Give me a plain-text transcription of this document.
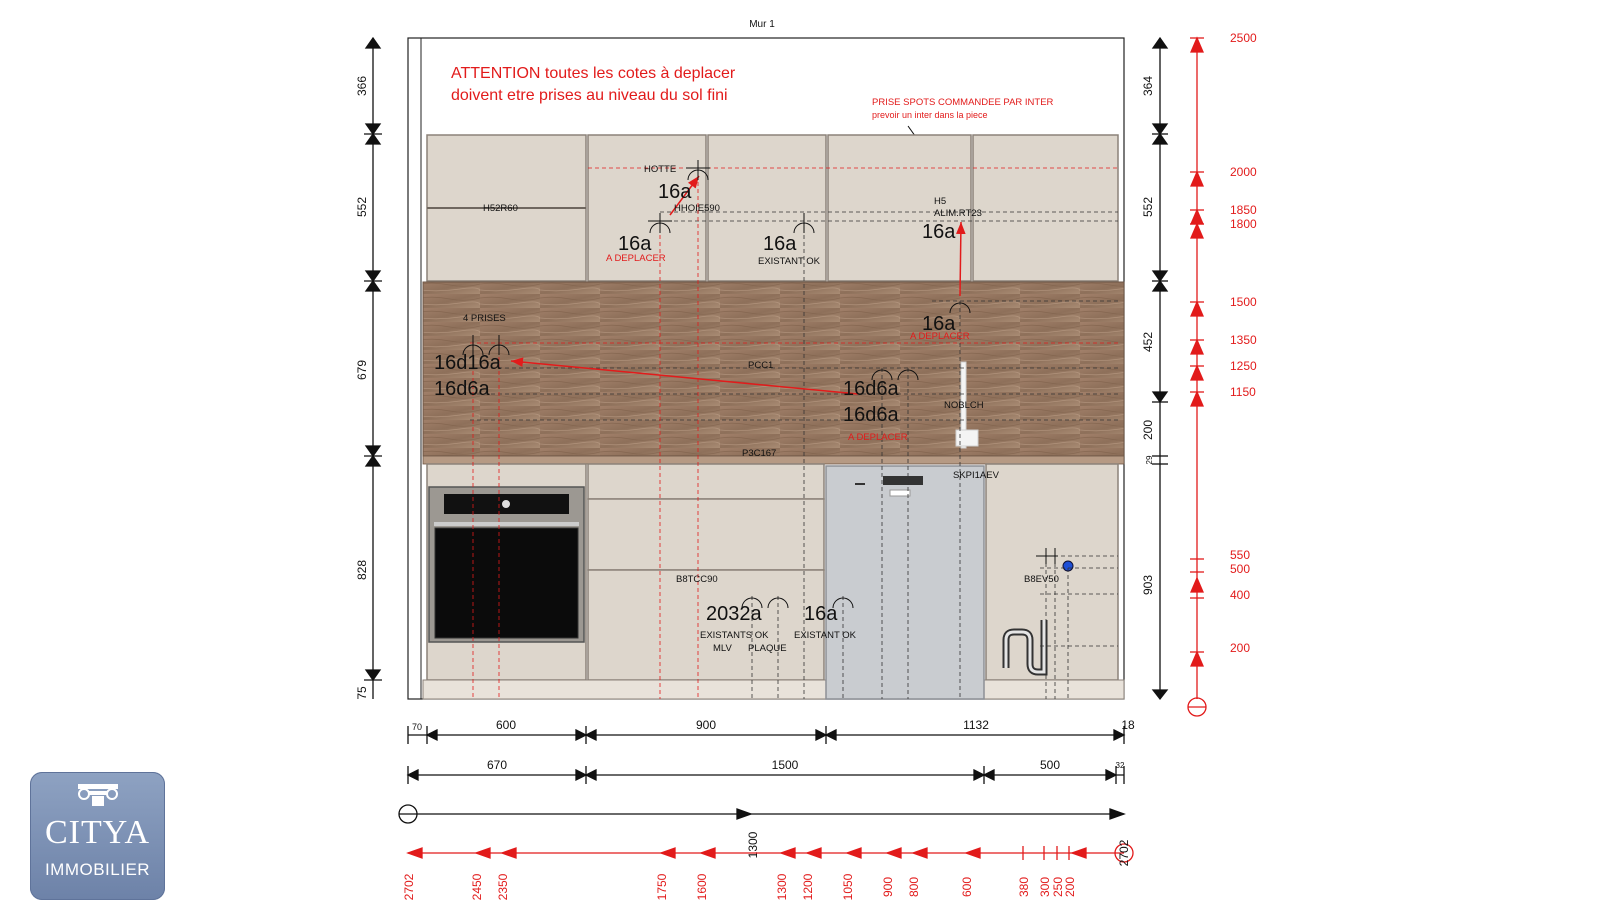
Mur 1
ATTENTION toutes les cotes à deplacer
doivent etre prises au niveau du sol fini	PRISE SPOTS COMMANDEE PAR INTER
prevoir un inter dans la piece
HOTTE
HHOIE590
H52R60
H5
ALIM.RT23
EXISTANT OK
4 PRISES
PCC1
NOBLCH
P3C167
SKPI1AEV
B8TCC90	B8EV50
EXISTANTS OK
MLV PLAQUE
EXISTANT OK
A DEPLACER
A DEPLACER
A DEPLACER
16a
16a	16a
16a
16a
16d16a
16d6a	16d6a
16d6a
2032a 16a
366
552
679
828
75
364
552
452
200
29
903
2500
2000
1850
1800
1500
1350
1250
1150
550
500
400
200
70	600	900	1132	18
670	1500	500	32
1300
2702	2450 2350	1750 1600	1300 1200 1050 900 800	600	380 300 250
200
2702
CITYA
IMMOBILIER
